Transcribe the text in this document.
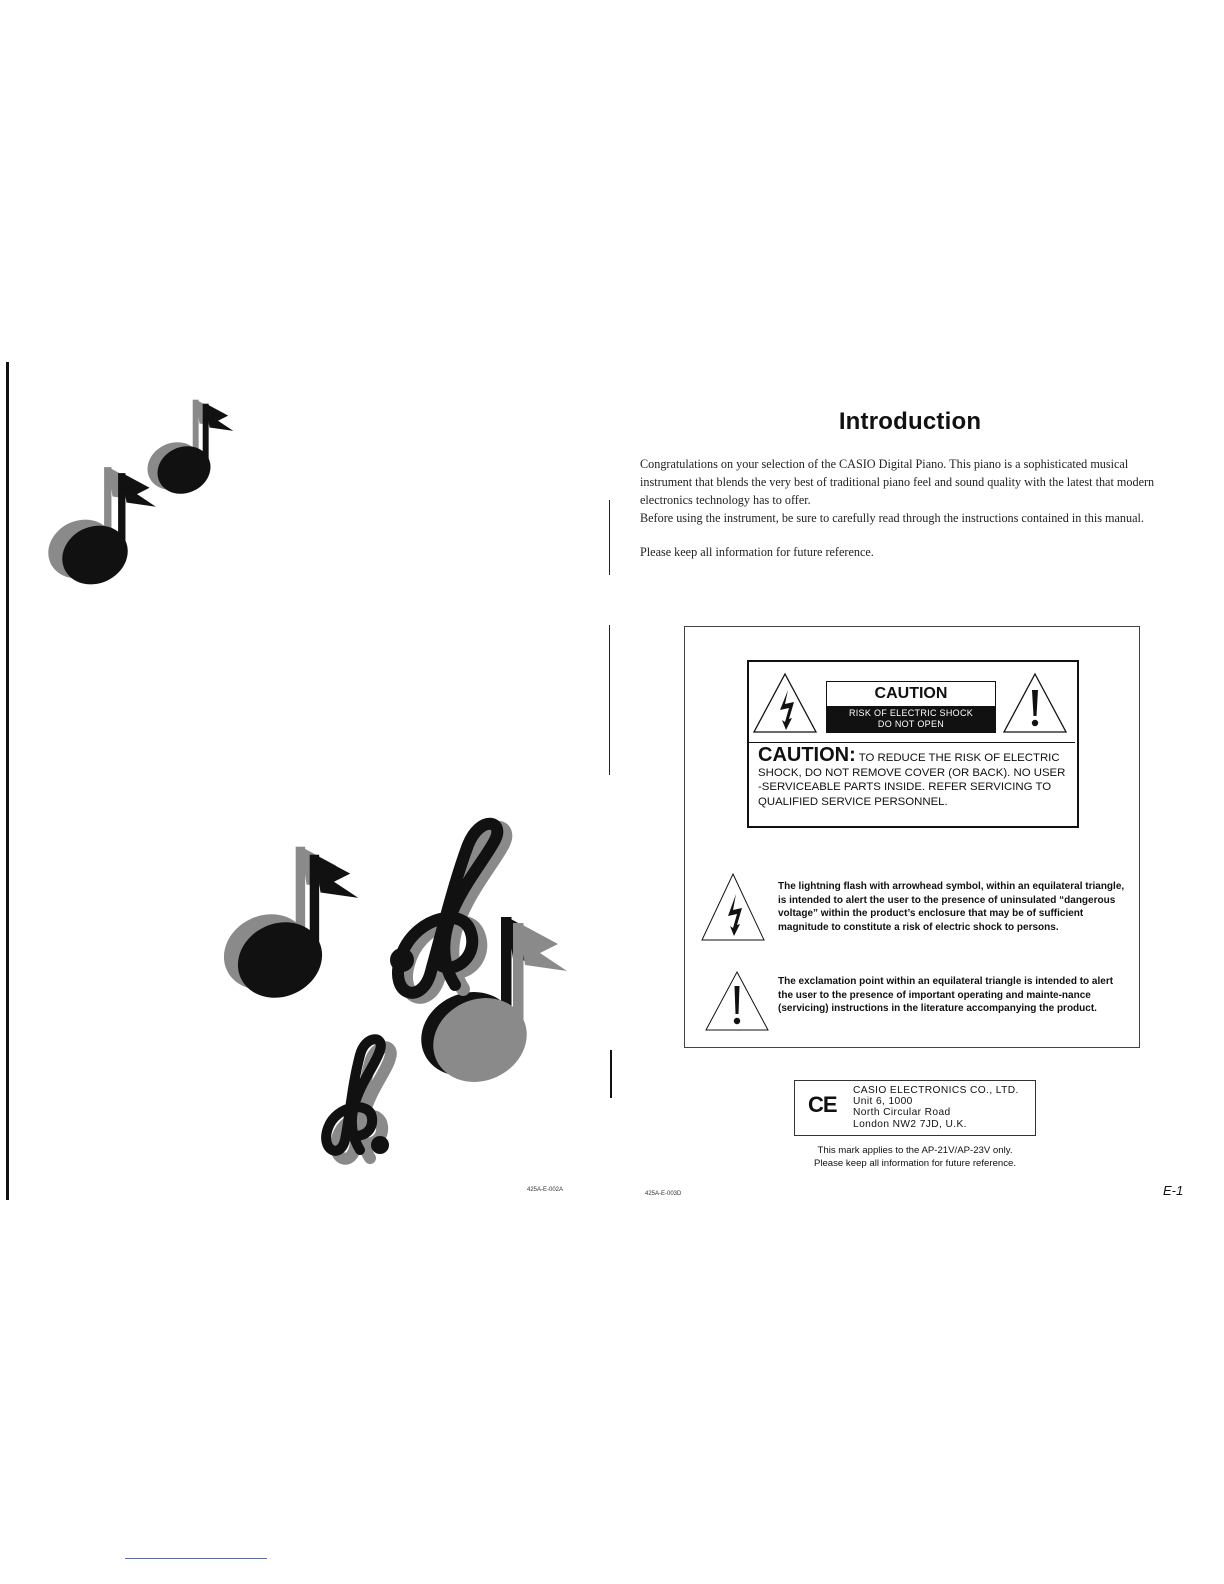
425A-E-002A
Introduction

Congratulations on your selection of the CASIO Digital Piano. This piano is a sophisticated musical instrument that blends the very best of traditional piano feel and sound quality with the latest that modern electronics technology has to offer.

Before using the instrument, be sure to carefully read through the instructions contained in this manual.

Please keep all information for future reference.

CAUTION
RISK OF ELECTRIC SHOCK
DO NOT OPEN
CAUTION: TO REDUCE THE RISK OF ELECTRIC SHOCK, DO NOT REMOVE COVER (OR BACK). NO USER -SERVICEABLE PARTS INSIDE. REFER SERVICING TO QUALIFIED SERVICE PERSONNEL.
The lightning flash with arrowhead symbol, within an equilateral triangle, is intended to alert the user to the presence of uninsulated “dangerous voltage” within the product’s enclosure that may be of sufficient magnitude to constitute a risk of electric shock to persons.
The exclamation point within an equilateral triangle is intended to alert the user to the presence of important operating and mainte-nance (servicing) instructions in the literature accompanying the product.
CE
CASIO ELECTRONICS CO., LTD.
Unit 6, 1000
North Circular Road
London NW2 7JD, U.K.
This mark applies to the AP-21V/AP-23V only.
Please keep all information for future reference.
425A-E-003D	E-1
